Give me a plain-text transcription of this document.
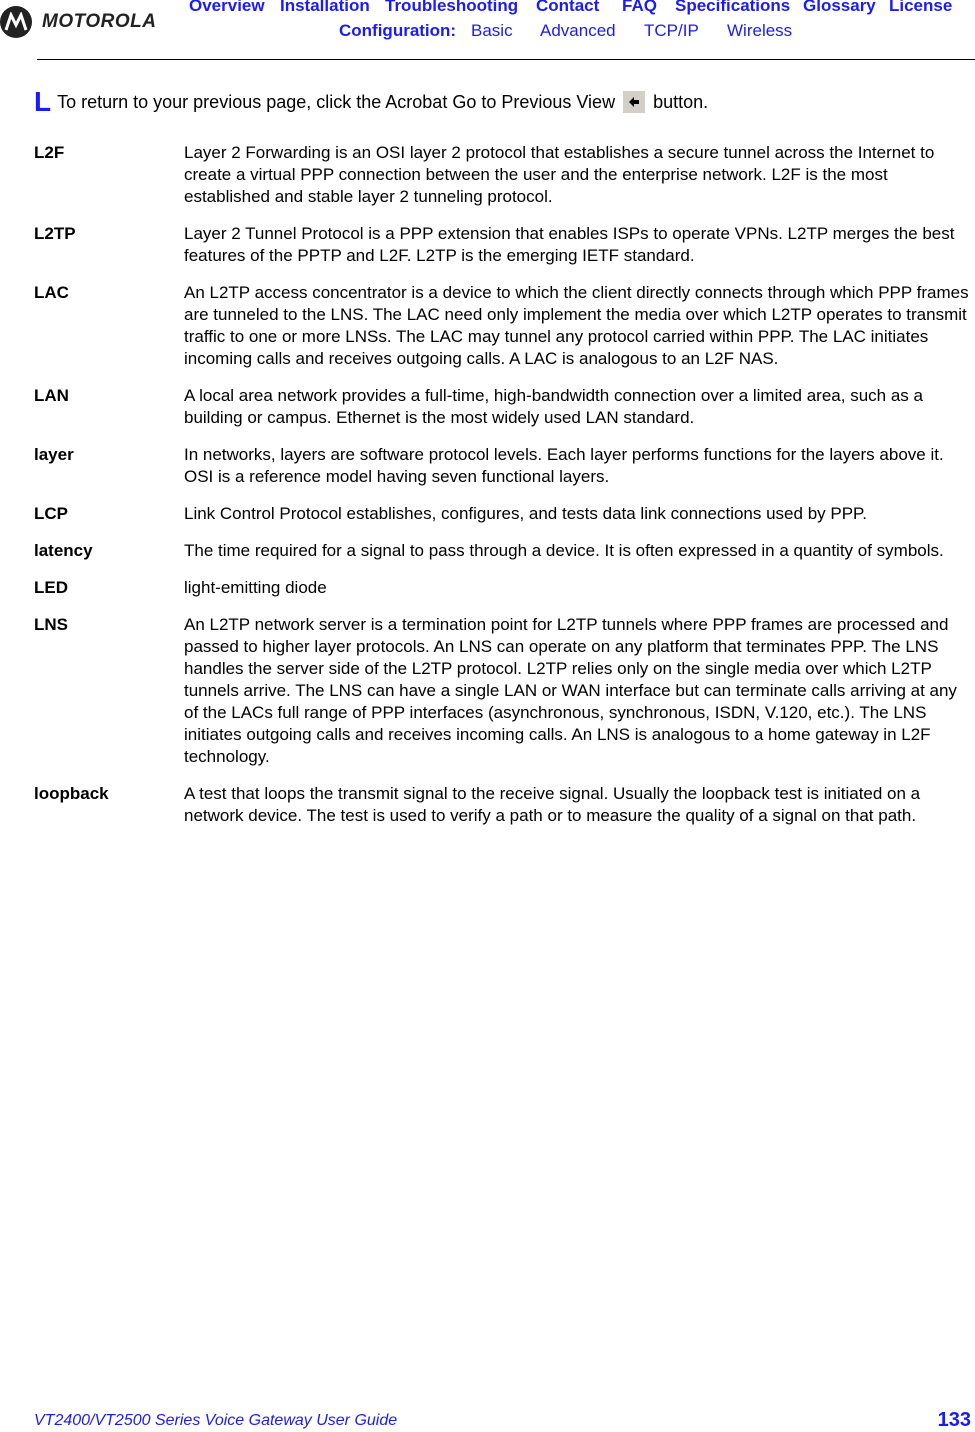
MOTOROLA
Overview Installation Troubleshooting Contact FAQ Specifications Glossary License
Configuration: Basic Advanced TCP/IP Wireless
L To return to your previous page, click the Acrobat Go to Previous View button.
L2F	Layer 2 Forwarding is an OSI layer 2 protocol that establishes a secure tunnel across the Internet to create a virtual PPP connection between the user and the enterprise network. L2F is the most established and stable layer 2 tunneling protocol.
L2TP	Layer 2 Tunnel Protocol is a PPP extension that enables ISPs to operate VPNs. L2TP merges the best features of the PPTP and L2F. L2TP is the emerging IETF standard.
LAC	An L2TP access concentrator is a device to which the client directly connects through which PPP frames are tunneled to the LNS. The LAC need only implement the media over which L2TP operates to transmit traffic to one or more LNSs. The LAC may tunnel any protocol carried within PPP. The LAC initiates incoming calls and receives outgoing calls. A LAC is analogous to an L2F NAS.
LAN	A local area network provides a full-time, high-bandwidth connection over a limited area, such as a building or campus. Ethernet is the most widely used LAN standard.
layer	In networks, layers are software protocol levels. Each layer performs functions for the layers above it. OSI is a reference model having seven functional layers.
LCP	Link Control Protocol establishes, configures, and tests data link connections used by PPP.
latency	The time required for a signal to pass through a device. It is often expressed in a quantity of symbols.
LED	light-emitting diode
LNS	An L2TP network server is a termination point for L2TP tunnels where PPP frames are processed and passed to higher layer protocols. An LNS can operate on any platform that terminates PPP. The LNS handles the server side of the L2TP protocol. L2TP relies only on the single media over which L2TP tunnels arrive. The LNS can have a single LAN or WAN interface but can terminate calls arriving at any of the LACs full range of PPP interfaces (asynchronous, synchronous, ISDN, V.120, etc.). The LNS initiates outgoing calls and receives incoming calls. An LNS is analogous to a home gateway in L2F technology.
loopback	A test that loops the transmit signal to the receive signal. Usually the loopback test is initiated on a network device. The test is used to verify a path or to measure the quality of a signal on that path.
VT2400/VT2500 Series Voice Gateway User Guide	133
